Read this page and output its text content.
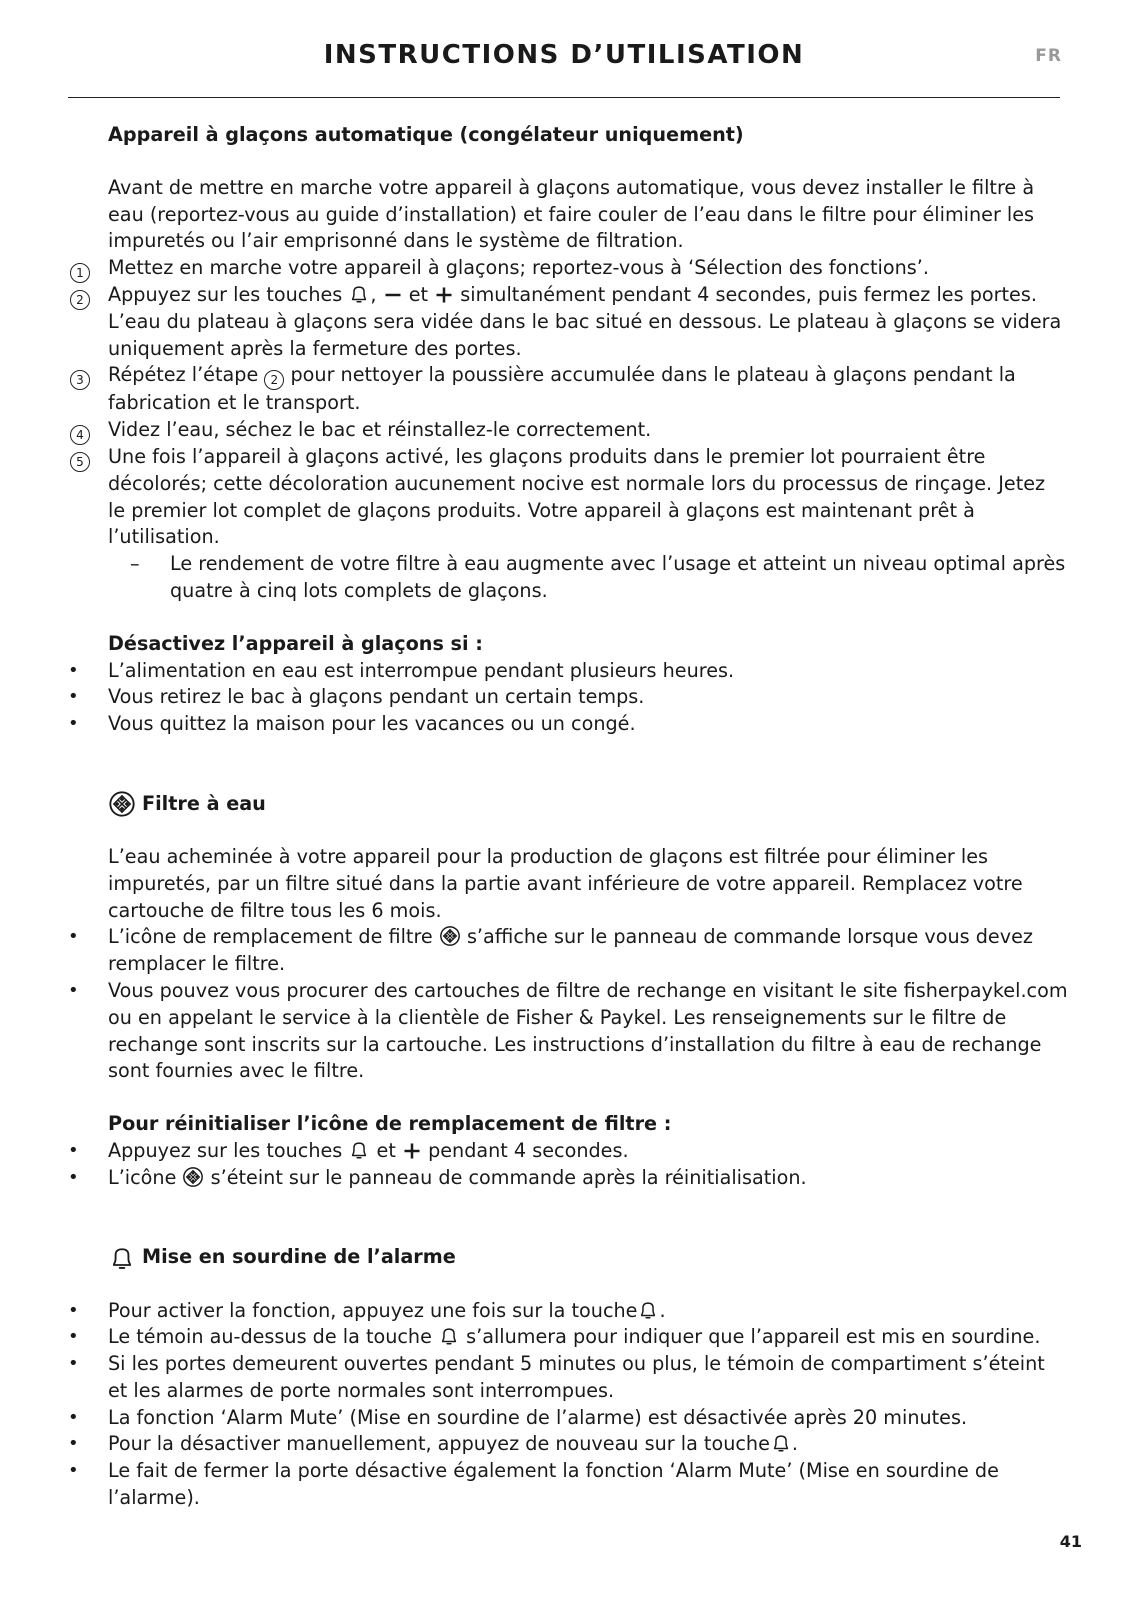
INSTRUCTIONS D’UTILISATION	FR

Appareil à glaçons automatique (congélateur uniquement)

Avant de mettre en marche votre appareil à glaçons automatique, vous devez installer le filtre à eau (reportez-vous au guide d’installation) et faire couler de l’eau dans le filtre pour éliminer les impuretés ou l’air emprisonné dans le système de filtration.

1	Mettez en marche votre appareil à glaçons; reportez-vous à ‘Sélection des fonctions’.
2	Appuyez sur les touches , et simultanément pendant 4 secondes, puis fermez les portes. L’eau du plateau à glaçons sera vidée dans le bac situé en dessous. Le plateau à glaçons se videra uniquement après la fermeture des portes.
3	Répétez l’étape 2 pour nettoyer la poussière accumulée dans le plateau à glaçons pendant la fabrication et le transport.
4	Videz l’eau, séchez le bac et réinstallez-le correctement.
5	Une fois l’appareil à glaçons activé, les glaçons produits dans le premier lot pourraient être décolorés; cette décoloration aucunement nocive est normale lors du processus de rinçage. Jetez le premier lot complet de glaçons produits. Votre appareil à glaçons est maintenant prêt à l’utilisation.
– Le rendement de votre filtre à eau augmente avec l’usage et atteint un niveau optimal après quatre à cinq lots complets de glaçons.

Désactivez l’appareil à glaçons si :

• L’alimentation en eau est interrompue pendant plusieurs heures.
• Vous retirez le bac à glaçons pendant un certain temps.
• Vous quittez la maison pour les vacances ou un congé.
Filtre à eau

L’eau acheminée à votre appareil pour la production de glaçons est filtrée pour éliminer les impuretés, par un filtre situé dans la partie avant inférieure de votre appareil. Remplacez votre cartouche de filtre tous les 6 mois.

• L’icône de remplacement de filtre s’affiche sur le panneau de commande lorsque vous devez remplacer le filtre.
• Vous pouvez vous procurer des cartouches de filtre de rechange en visitant le site fisherpaykel.com ou en appelant le service à la clientèle de Fisher & Paykel. Les renseignements sur le filtre de rechange sont inscrits sur la cartouche. Les instructions d’installation du filtre à eau de rechange sont fournies avec le filtre.

Pour réinitialiser l’icône de remplacement de filtre :

• Appuyez sur les touches et pendant 4 secondes.
• L’icône s’éteint sur le panneau de commande après la réinitialisation.
Mise en sourdine de l’alarme
• Pour activer la fonction, appuyez une fois sur la touche .
• Le témoin au-dessus de la touche s’allumera pour indiquer que l’appareil est mis en sourdine.
• Si les portes demeurent ouvertes pendant 5 minutes ou plus, le témoin de compartiment s’éteint et les alarmes de porte normales sont interrompues.
• La fonction ‘Alarm Mute’ (Mise en sourdine de l’alarme) est désactivée après 20 minutes.
• Pour la désactiver manuellement, appuyez de nouveau sur la touche .
• Le fait de fermer la porte désactive également la fonction ‘Alarm Mute’ (Mise en sourdine de l’alarme).
41
